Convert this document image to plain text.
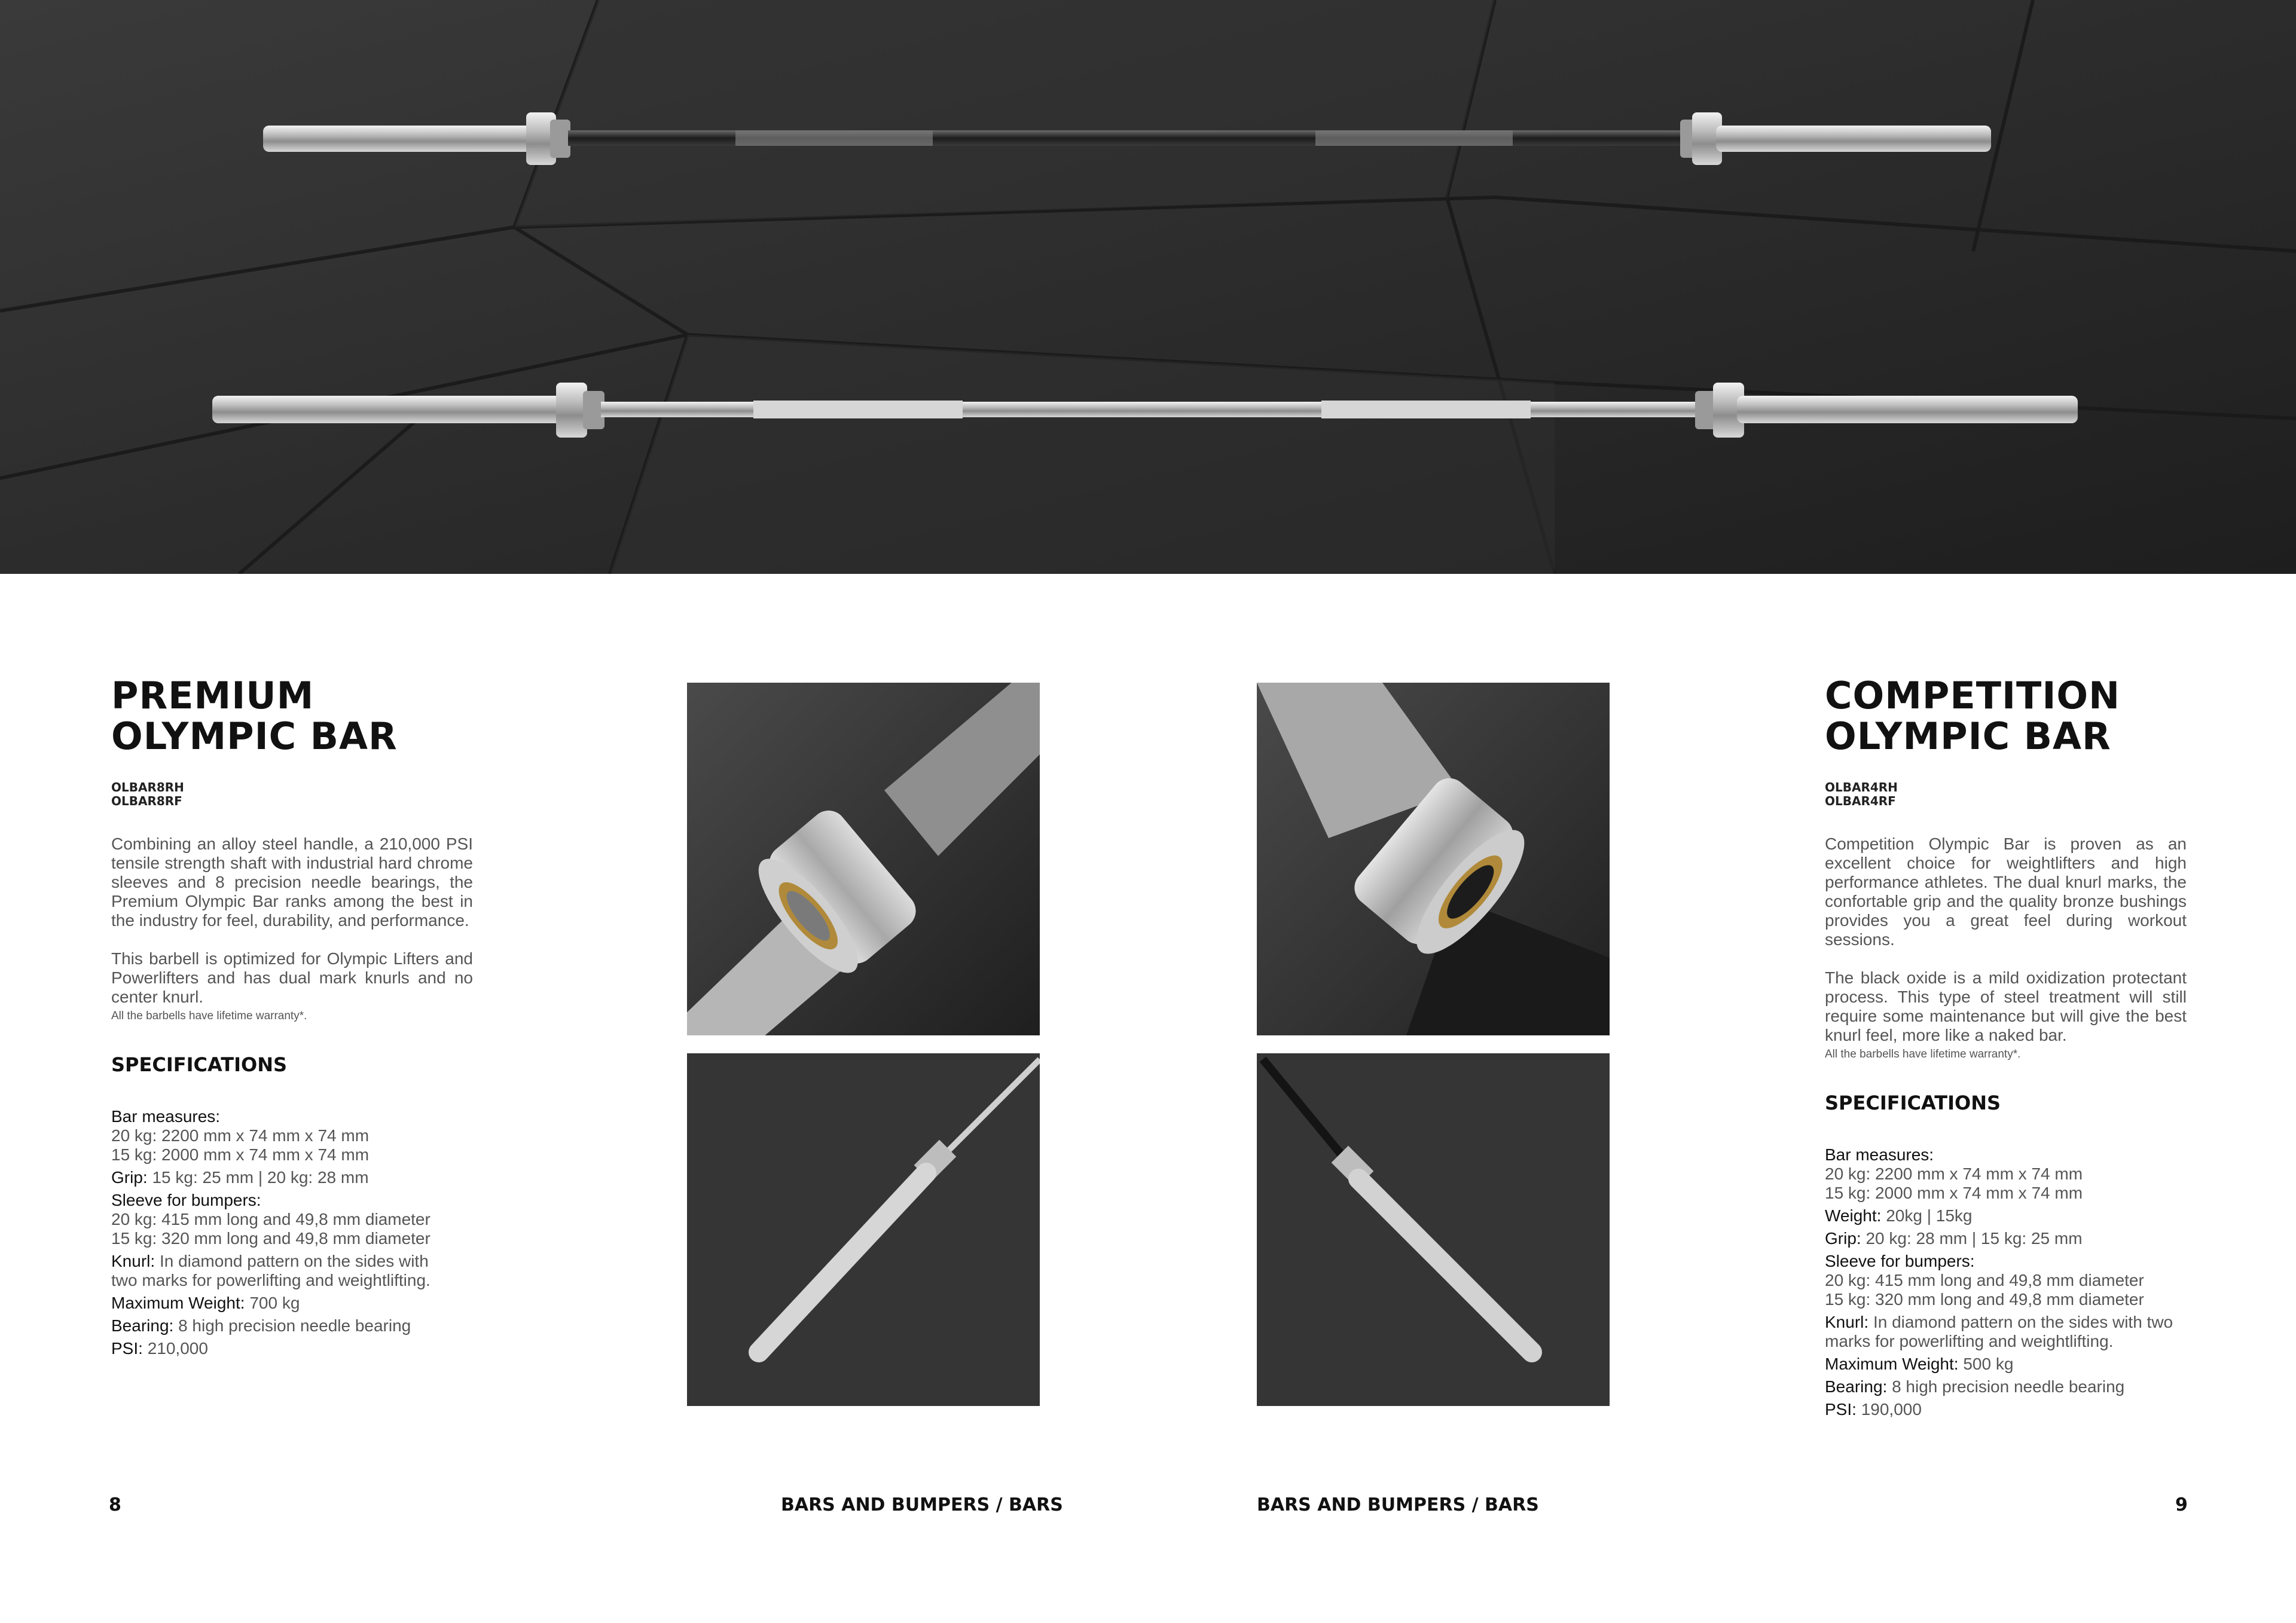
PREMIUM
OLYMPIC BAR
OLBAR8RH
OLBAR8RF
Combining an alloy steel handle, a 210,000 PSI tensile strength shaft with industrial hard chrome sleeves and 8 precision needle bearings, the Premium Olympic Bar ranks among the best in the industry for feel, durability, and performance.
This barbell is optimized for Olympic Lifters and Powerlifters and has dual mark knurls and no center knurl.
All the barbells have lifetime warranty*.
SPECIFICATIONS
Bar measures:
20 kg: 2200 mm x 74 mm x 74 mm
15 kg: 2000 mm x 74 mm x 74 mm
Grip: 15 kg: 25 mm | 20 kg: 28 mm
Sleeve for bumpers:
20 kg: 415 mm long and 49,8 mm diameter
15 kg: 320 mm long and 49,8 mm diameter
Knurl: In diamond pattern on the sides with
two marks for powerlifting and weightlifting.
Maximum Weight: 700 kg
Bearing: 8 high precision needle bearing
PSI: 210,000
COMPETITION
OLYMPIC BAR
OLBAR4RH
OLBAR4RF
Competition Olympic Bar is proven as an excellent choice for weightlifters and high performance athletes. The dual knurl marks, the confortable grip and the quality bronze bushings provides you a great feel during workout sessions.
The black oxide is a mild oxidization protectant process. This type of steel treatment will still require some maintenance but will give the best knurl feel, more like a naked bar.
All the barbells have lifetime warranty*.
SPECIFICATIONS
Bar measures:
20 kg: 2200 mm x 74 mm x 74 mm
15 kg: 2000 mm x 74 mm x 74 mm
Weight: 20kg | 15kg
Grip: 20 kg: 28 mm | 15 kg: 25 mm
Sleeve for bumpers:
20 kg: 415 mm long and 49,8 mm diameter
15 kg: 320 mm long and 49,8 mm diameter
Knurl: In diamond pattern on the sides with two
marks for powerlifting and weightlifting.
Maximum Weight: 500 kg
Bearing: 8 high precision needle bearing
PSI: 190,000
8	BARS AND BUMPERS / BARS	BARS AND BUMPERS / BARS	9
